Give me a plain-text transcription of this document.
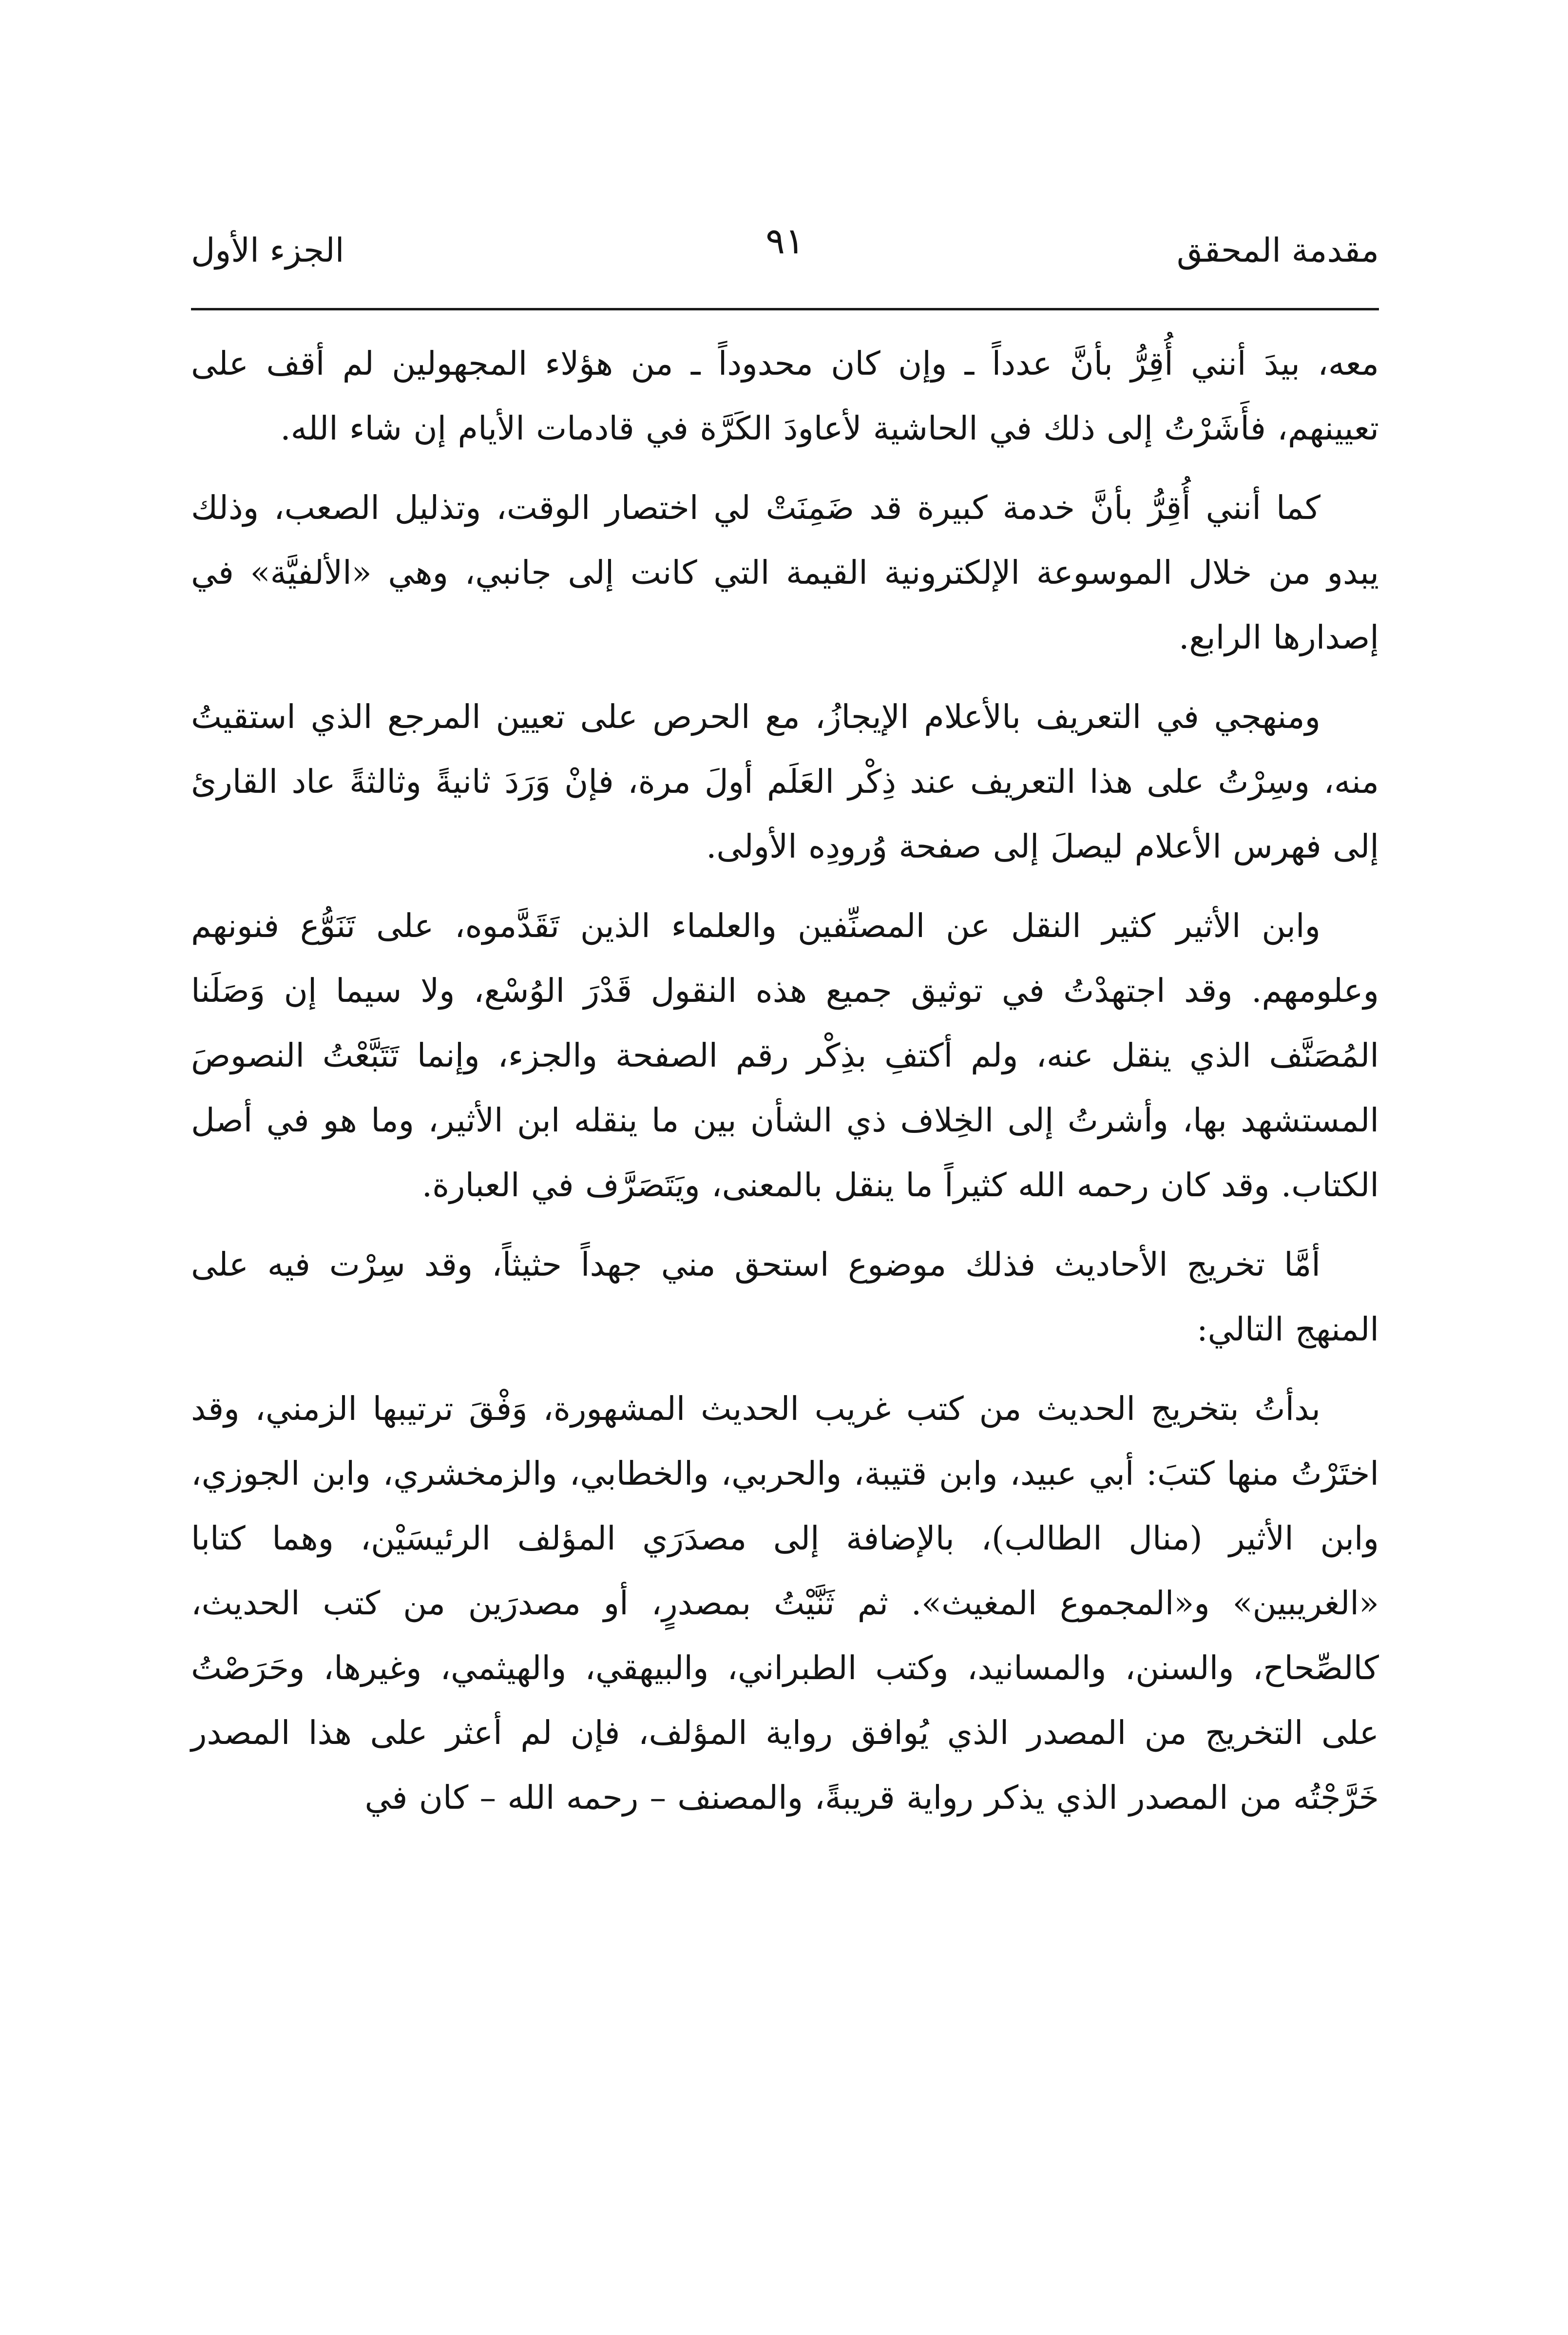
مقدمة المحقق
٩١
الجزء الأول

معه، بيدَ أنني أُقِرُّ بأنَّ عدداً ـ وإن كان محدوداً ـ من هؤلاء المجهولين لم أقف على تعيينهم، فأَشَرْتُ إلى ذلك في الحاشية لأعاودَ الكَرَّة في قادمات الأيام إن شاء الله.

كما أنني أُقِرُّ بأنَّ خدمة كبيرة قد ضَمِنَتْ لي اختصار الوقت، وتذليل الصعب، وذلك يبدو من خلال الموسوعة الإلكترونية القيمة التي كانت إلى جانبي، وهي «الألفيَّة» في إصدارها الرابع.

ومنهجي في التعريف بالأعلام الإيجازُ، مع الحرص على تعيين المرجع الذي استقيتُ منه، وسِرْتُ على هذا التعريف عند ذِكْر العَلَم أولَ مرة، فإنْ وَرَدَ ثانيةً وثالثةً عاد القارئ إلى فهرس الأعلام ليصلَ إلى صفحة وُرودِه الأولى.

وابن الأثير كثير النقل عن المصنِّفين والعلماء الذين تَقَدَّموه، على تَنَوُّع فنونهم وعلومهم. وقد اجتهدْتُ في توثيق جميع هذه النقول قَدْرَ الوُسْع، ولا سيما إن وَصَلَنا المُصَنَّف الذي ينقل عنه، ولم أكتفِ بذِكْر رقم الصفحة والجزء، وإنما تَتَبَّعْتُ النصوصَ المستشهد بها، وأشرتُ إلى الخِلاف ذي الشأن بين ما ينقله ابن الأثير، وما هو في أصل الكتاب. وقد كان رحمه الله كثيراً ما ينقل بالمعنى، ويَتَصَرَّف في العبارة.

أمَّا تخريج الأحاديث فذلك موضوع استحق مني جهداً حثيثاً، وقد سِرْت فيه على المنهج التالي:

بدأتُ بتخريج الحديث من كتب غريب الحديث المشهورة، وَفْقَ ترتيبها الزمني، وقد اختَرْتُ منها كتبَ: أبي عبيد، وابن قتيبة، والحربي، والخطابي، والزمخشري، وابن الجوزي، وابن الأثير (منال الطالب)، بالإضافة إلى مصدَرَي المؤلف الرئيسَيْن، وهما كتابا «الغريبين» و«المجموع المغيث». ثم ثَنَّيْتُ بمصدرٍ، أو مصدرَين من كتب الحديث، كالصِّحاح، والسنن، والمسانيد، وكتب الطبراني، والبيهقي، والهيثمي، وغيرها، وحَرَصْتُ على التخريج من المصدر الذي يُوافق رواية المؤلف، فإن لم أعثر على هذا المصدر خَرَّجْتُه من المصدر الذي يذكر رواية قريبةً، والمصنف – رحمه الله – كان في
